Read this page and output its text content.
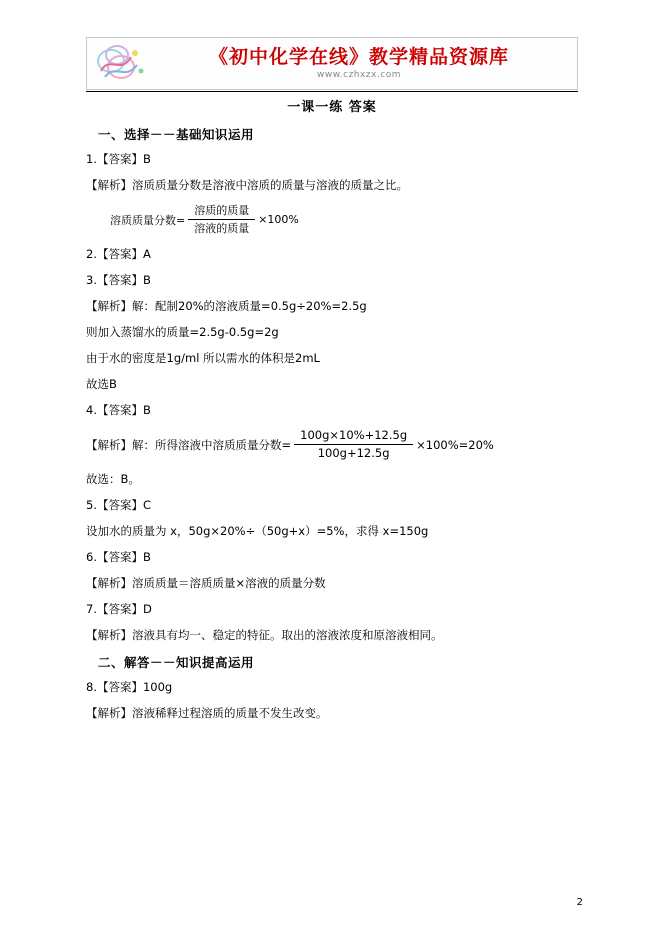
《初中化学在线》教学精品资源库
www.czhxzx.com
一课一练 答案
一、选择－－基础知识运用
1.【答案】B
【解析】溶质质量分数是溶液中溶质的质量与溶液的质量之比。
溶质质量分数= $\frac{\text{溶质的质量}}{\text{溶液的质量}} \times 100\%$
2.【答案】A
3.【答案】B
【解析】解：配制20%的溶液质量=0.5g÷20%=2.5g
则加入蒸馏水的质量=2.5g-0.5g=2g
由于水的密度是1g/ml 所以需水的体积是2mL
故选B
4.【答案】B
【解析】解：所得溶液中溶质质量分数= $\frac{100g\times 10\%+12.5g}{100g+12.5g} \times 100\%=20\%$
故选：B。
5.【答案】C
设加水的质量为 x，50g×20%÷（50g+x）=5%，求得 x=150g
6.【答案】B
【解析】溶质质量＝溶质质量×溶液的质量分数
7.【答案】D
【解析】溶液具有均一、稳定的特征。取出的溶液浓度和原溶液相同。
二、解答－－知识提高运用
8.【答案】100g
【解析】溶液稀释过程溶质的质量不发生改变。
2
